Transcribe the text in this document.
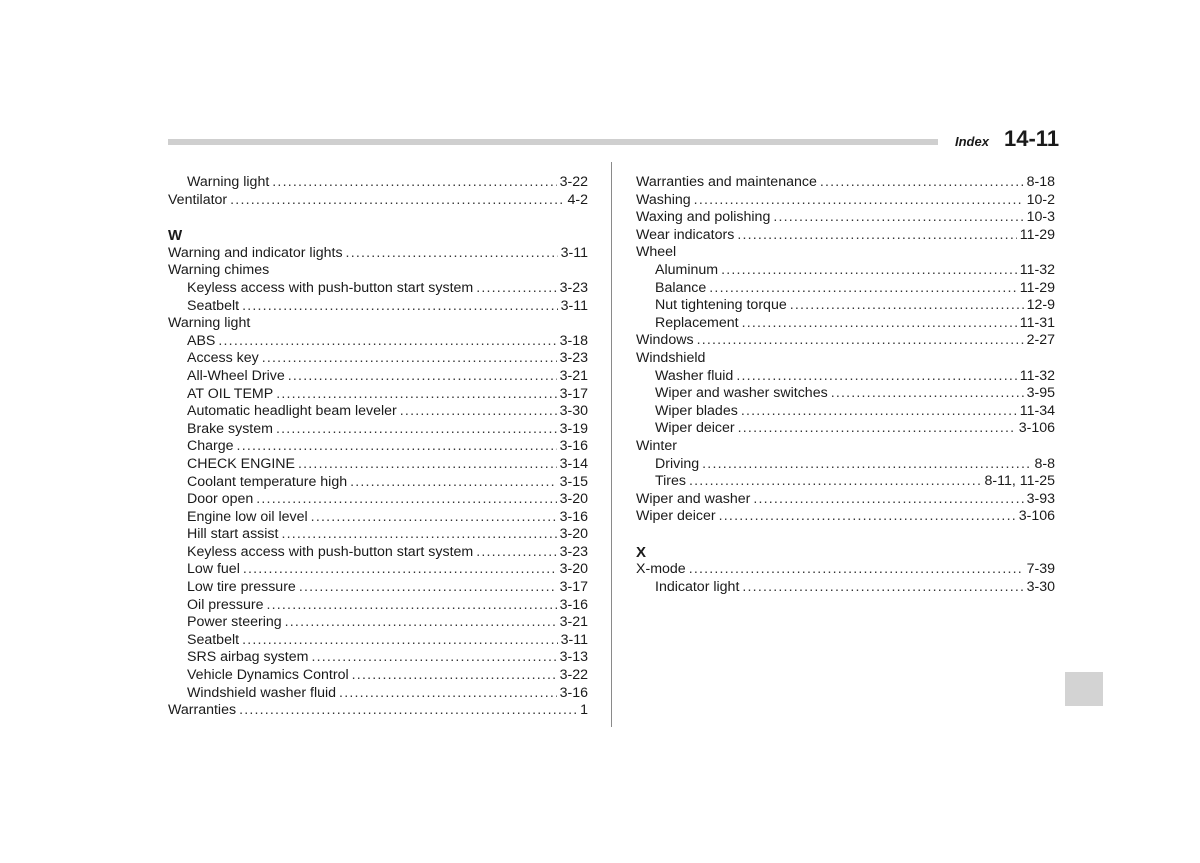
Index 14-11
Warning light .....	3-22
Ventilator .....	4-2
W
Warning and indicator lights .....	3-11
Warning chimes
Keyless access with push-button start system .....	3-23
Seatbelt .....	3-11
Warning light
ABS .....	3-18
Access key .....	3-23
All-Wheel Drive .....	3-21
AT OIL TEMP .....	3-17
Automatic headlight beam leveler .....	3-30
Brake system .....	3-19
Charge .....	3-16
CHECK ENGINE .....	3-14
Coolant temperature high .....	3-15
Door open .....	3-20
Engine low oil level .....	3-16
Hill start assist .....	3-20
Keyless access with push-button start system .....	3-23
Low fuel .....	3-20
Low tire pressure .....	3-17
Oil pressure .....	3-16
Power steering .....	3-21
Seatbelt .....	3-11
SRS airbag system .....	3-13
Vehicle Dynamics Control .....	3-22
Windshield washer fluid .....	3-16
Warranties .....	1
Warranties and maintenance .....	8-18
Washing .....	10-2
Waxing and polishing .....	10-3
Wear indicators .....	11-29
Wheel
Aluminum .....	11-32
Balance .....	11-29
Nut tightening torque .....	12-9
Replacement .....	11-31
Windows .....	2-27
Windshield
Washer fluid .....	11-32
Wiper and washer switches .....	3-95
Wiper blades .....	11-34
Wiper deicer .....	3-106
Winter
Driving .....	8-8
Tires .....	8-11, 11-25
Wiper and washer .....	3-93
Wiper deicer .....	3-106
X
X-mode .....	7-39
Indicator light .....	3-30
